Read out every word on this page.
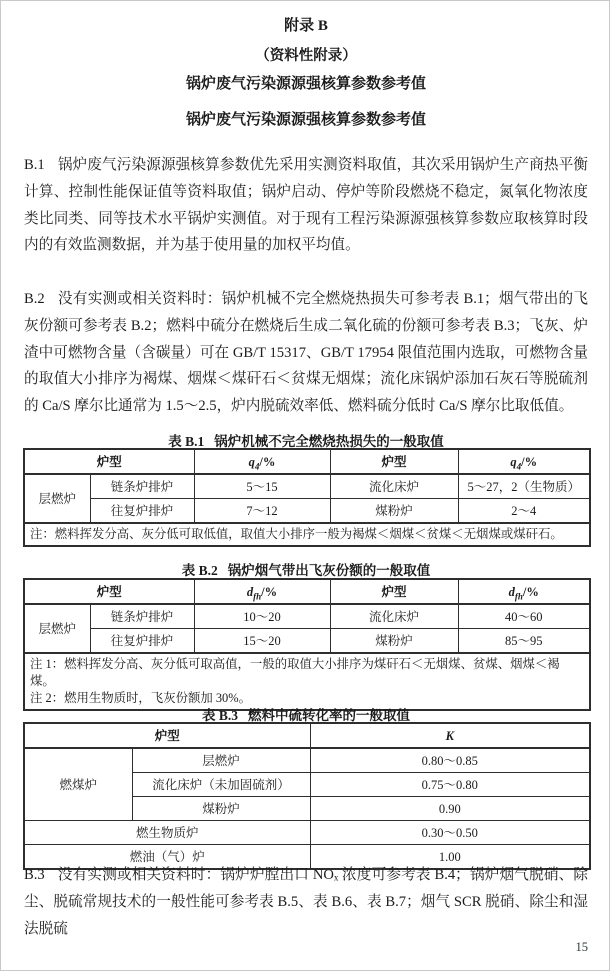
附录 B
（资料性附录）
锅炉废气污染源源强核算参数参考值
锅炉废气污染源源强核算参数参考值
B.1 锅炉废气污染源源强核算参数优先采用实测资料取值，其次采用锅炉生产商热平衡计算、控制性能保证值等资料取值；锅炉启动、停炉等阶段燃烧不稳定，氮氧化物浓度类比同类、同等技术水平锅炉实测值。对于现有工程污染源源强核算参数应取核算时段内的有效监测数据，并为基于使用量的加权平均值。
B.2 没有实测或相关资料时：锅炉机械不完全燃烧热损失可参考表 B.1；烟气带出的飞灰份额可参考表 B.2；燃料中硫分在燃烧后生成二氧化硫的份额可参考表 B.3；飞灰、炉渣中可燃物含量（含碳量）可在 GB/T 15317、GB/T 17954 限值范围内选取，可燃物含量的取值大小排序为褐煤、烟煤＜煤矸石＜贫煤无烟煤；流化床锅炉添加石灰石等脱硫剂的 Ca/S 摩尔比通常为 1.5～2.5，炉内脱硫效率低、燃料硫分低时 Ca/S 摩尔比取低值。
表 B.1 锅炉机械不完全燃烧热损失的一般取值
炉型		$q_4/\%$	炉型	$q_4/\%$
层燃炉	链条炉排炉	5～15	流化床炉	5～27，2（生物质）
	往复炉排炉	7～12	煤粉炉	2～4
注：燃料挥发分高、灰分低可取低值，取值大小排序一般为褐煤＜烟煤＜贫煤＜无烟煤或煤矸石。				
表 B.2 锅炉烟气带出飞灰份额的一般取值
炉型		$d_{fh}/\%$	炉型	$d_{fh}/\%$
层燃炉	链条炉排炉	10～20	流化床炉	40～60
	往复炉排炉	15～20	煤粉炉	85～95

注 1：燃料挥发分高、灰分低可取高值，一般的取值大小排序为煤矸石＜无烟煤、贫煤、烟煤＜褐煤。
注 2：燃用生物质时，飞灰份额加 30%。				
表 B.3 燃料中硫转化率的一般取值
炉型		K
燃煤炉	层燃炉	0.80～0.85
	流化床炉（未加固硫剂）	0.75～0.80
	煤粉炉	0.90
燃生物质炉		0.30～0.50
燃油（气）炉		1.00
B.3 没有实测或相关资料时：锅炉炉膛出口 NOₓ 浓度可参考表 B.4；锅炉烟气脱硝、除尘、脱硫常规技术的一般性能可参考表 B.5、表 B.6、表 B.7；烟气 SCR 脱硝、除尘和湿法脱硫
15
